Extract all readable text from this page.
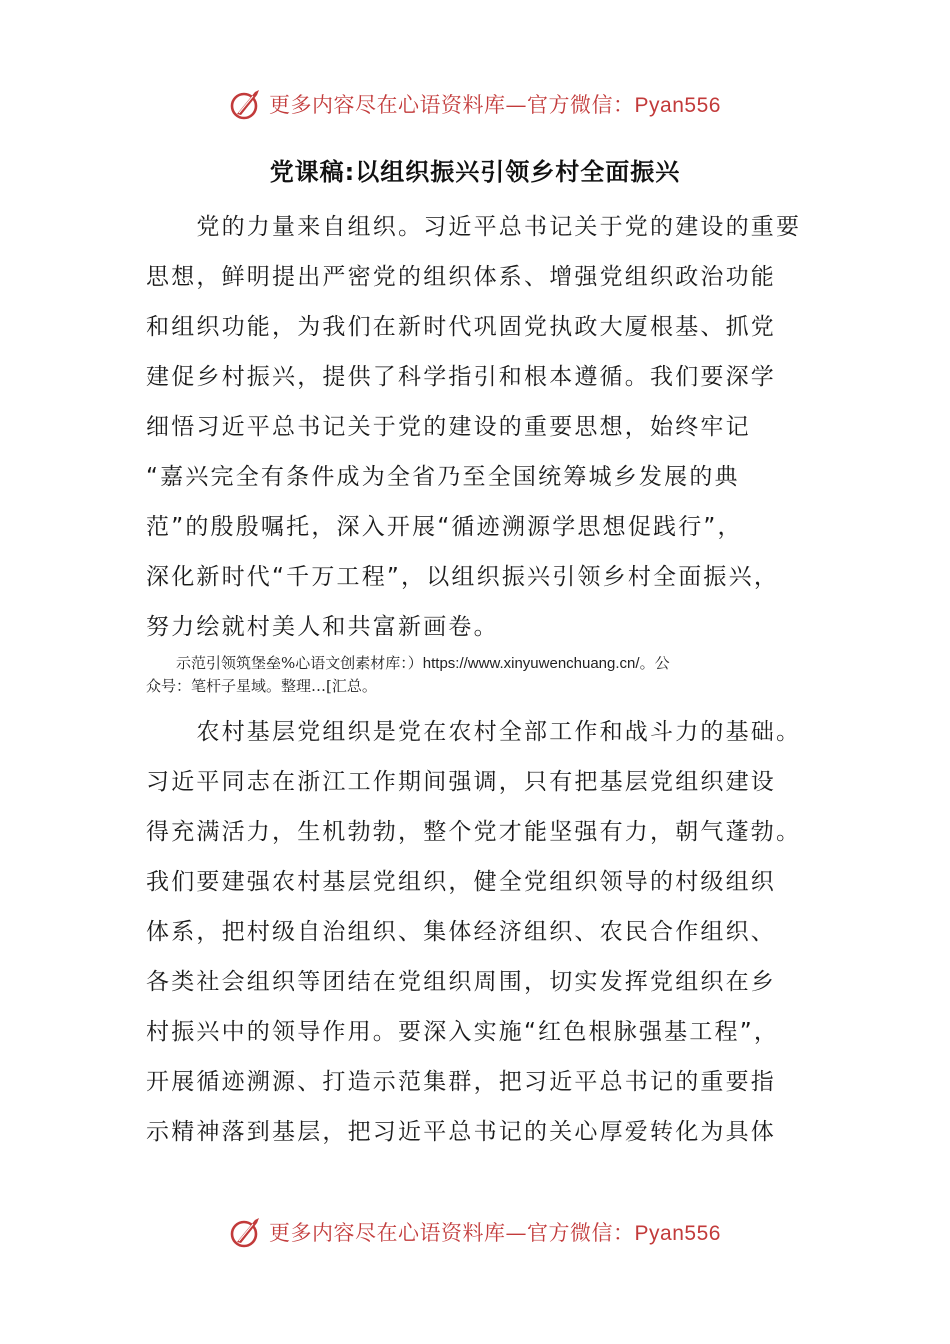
更多内容尽在心语资料库—官方微信：Pyan556
党课稿:以组织振兴引领乡村全面振兴

　　党的力量来自组织。习近平总书记关于党的建设的重要
思想，鲜明提出严密党的组织体系、增强党组织政治功能
和组织功能，为我们在新时代巩固党执政大厦根基、抓党
建促乡村振兴，提供了科学指引和根本遵循。我们要深学
细悟习近平总书记关于党的建设的重要思想，始终牢记
“嘉兴完全有条件成为全省乃至全国统筹城乡发展的典
范”的殷殷嘱托，深入开展“循迹溯源学思想促践行”，
深化新时代“千万工程”，以组织振兴引领乡村全面振兴，
努力绘就村美人和共富新画卷。

　　示范引领筑堡垒%心语文创素材库：）https://www.xinyuwenchuang.cn/。公
众号：笔杆子星域。整理…[汇总。

　　农村基层党组织是党在农村全部工作和战斗力的基础。
习近平同志在浙江工作期间强调，只有把基层党组织建设
得充满活力，生机勃勃，整个党才能坚强有力，朝气蓬勃。
我们要建强农村基层党组织，健全党组织领导的村级组织
体系，把村级自治组织、集体经济组织、农民合作组织、
各类社会组织等团结在党组织周围，切实发挥党组织在乡
村振兴中的领导作用。要深入实施“红色根脉强基工程”，
开展循迹溯源、打造示范集群，把习近平总书记的重要指
示精神落到基层，把习近平总书记的关心厚爱转化为具体

更多内容尽在心语资料库—官方微信：Pyan556
